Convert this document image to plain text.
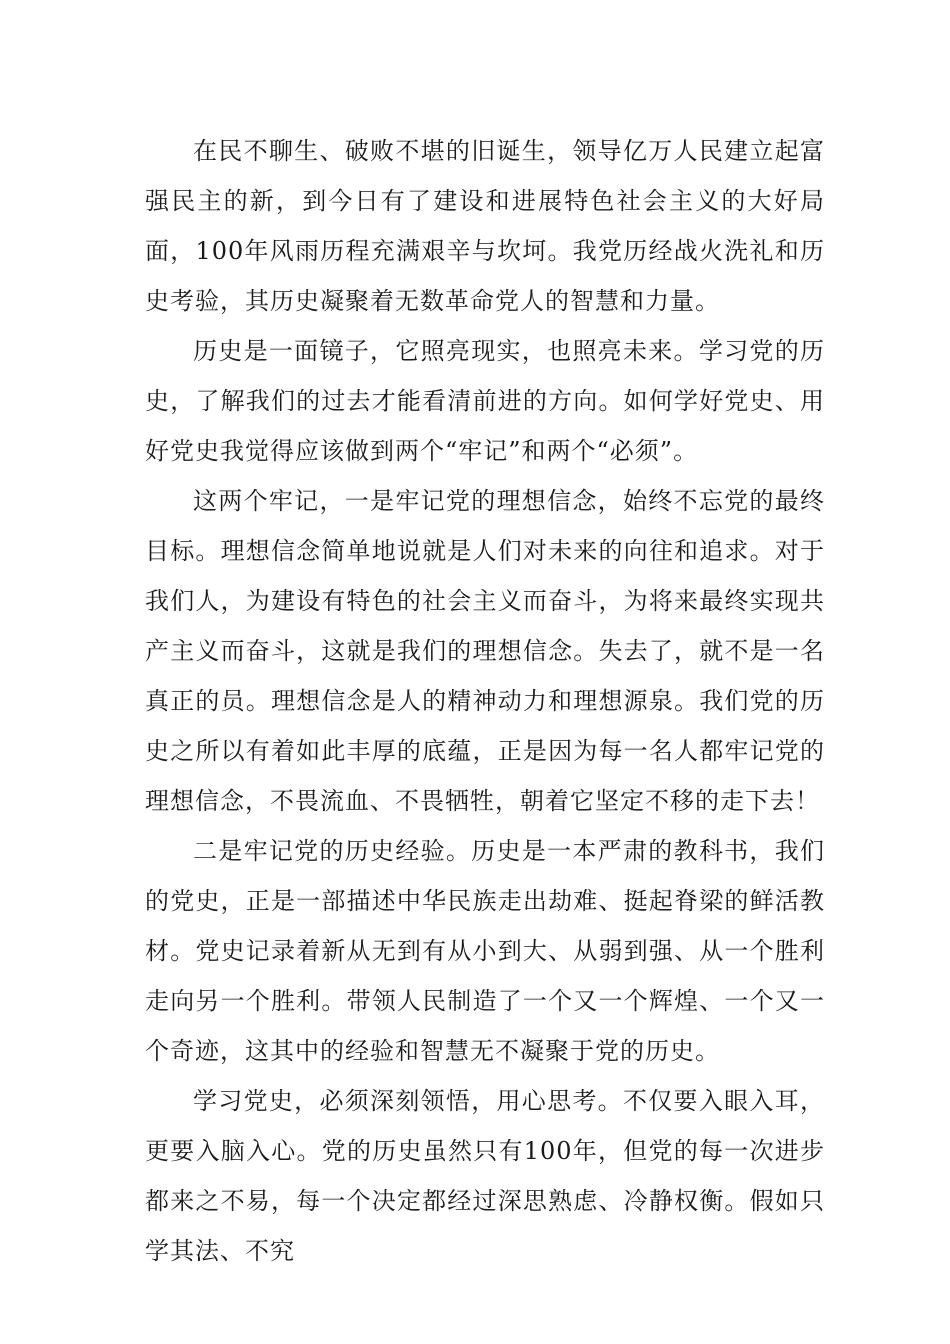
在民不聊生、破败不堪的旧诞生，领导亿万人民建立起富强民主的新，到今日有了建设和进展特色社会主义的大好局面，100年风雨历程充满艰辛与坎坷。我党历经战火洗礼和历史考验，其历史凝聚着无数革命党人的智慧和力量。

历史是一面镜子，它照亮现实，也照亮未来。学习党的历史，了解我们的过去才能看清前进的方向。如何学好党史、用好党史我觉得应该做到两个“牢记”和两个“必须”。

这两个牢记，一是牢记党的理想信念，始终不忘党的最终目标。理想信念简单地说就是人们对未来的向往和追求。对于我们人，为建设有特色的社会主义而奋斗，为将来最终实现共产主义而奋斗，这就是我们的理想信念。失去了，就不是一名真正的员。理想信念是人的精神动力和理想源泉。我们党的历史之所以有着如此丰厚的底蕴，正是因为每一名人都牢记党的理想信念，不畏流血、不畏牺牲，朝着它坚定不移的走下去！

二是牢记党的历史经验。历史是一本严肃的教科书，我们的党史，正是一部描述中华民族走出劫难、挺起脊梁的鲜活教材。党史记录着新从无到有从小到大、从弱到强、从一个胜利走向另一个胜利。带领人民制造了一个又一个辉煌、一个又一个奇迹，这其中的经验和智慧无不凝聚于党的历史。

学习党史，必须深刻领悟，用心思考。不仅要入眼入耳，更要入脑入心。党的历史虽然只有100年，但党的每一次进步都来之不易，每一个决定都经过深思熟虑、冷静权衡。假如只学其法、不究
